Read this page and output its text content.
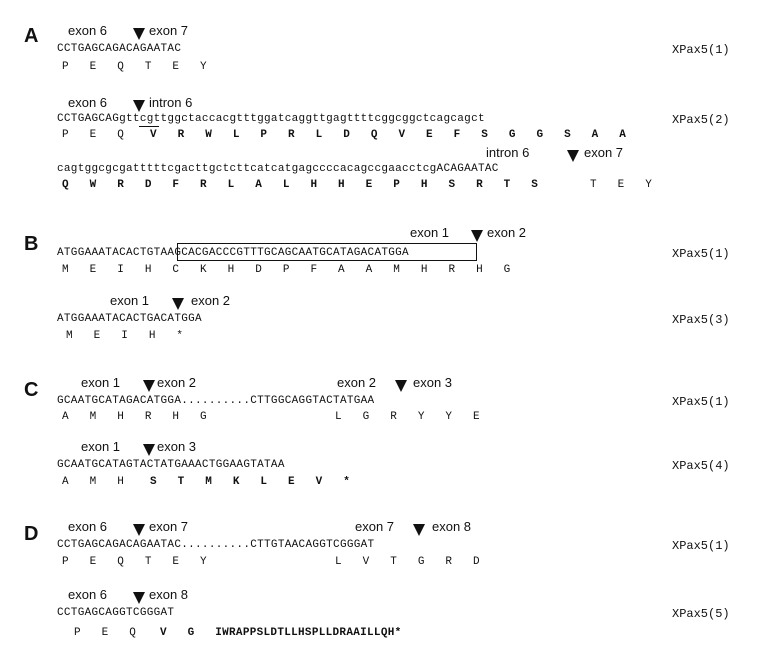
A exon 6	exon 7
CCTGAGCAGACAGAATAC
P   E   Q   T   E   Y
XPax5(1)
exon 6	intron 6
CCTGAGCAGgttcgttggctaccacgtttggatcaggttgagttttcggcggctcagcagct
P   E   Q V   R   W   L   P   R   L   D   Q   V   E   F   S   G   G   S   A   A
XPax5(2)
intron 6	exon 7
cagtggcgcgatttttcgacttgctcttcatcatgagccccacagccgaacctcgACAGAATAC
Q   W   R   D   F   R   L   A   L   H   H   E   P   H   S   R   T   S	T   E   Y
B
exon 1	exon 2
ATGGAAATACACTGTAAGCACGACCCGTTTGCAGCAATGCATAGACATGGA
M   E   I   H   C   K   H   D   P   F   A   A   M   H   R   H   G
XPax5(1)
exon 1	exon 2
ATGGAAATACACTGACATGGA
M   E   I   H   *
XPax5(3)
C	exon 1	exon 2	exon 2	exon 3
GCAATGCATAGACATGGA..........CTTGGCAGGTACTATGAA
A   M   H   R   H   G	L   G   R   Y   Y   E
XPax5(1)
exon 1	exon 3
GCAATGCATAGTACTATGAAACTGGAAGTATAA
A   M   H S   T   M   K   L   E   V   *
XPax5(4)
D exon 6	exon 7	exon 7	exon 8
CCTGAGCAGACAGAATAC..........CTTGTAACAGGTCGGGAT
P   E   Q   T   E   Y	L   V   T   G   R   D
XPax5(1)
exon 6	exon 8
CCTGAGCAGGTCGGGAT
P   E   Q V   G   IWRAPPSLDTLLHSPLLDRAAILLQH*
XPax5(5)
